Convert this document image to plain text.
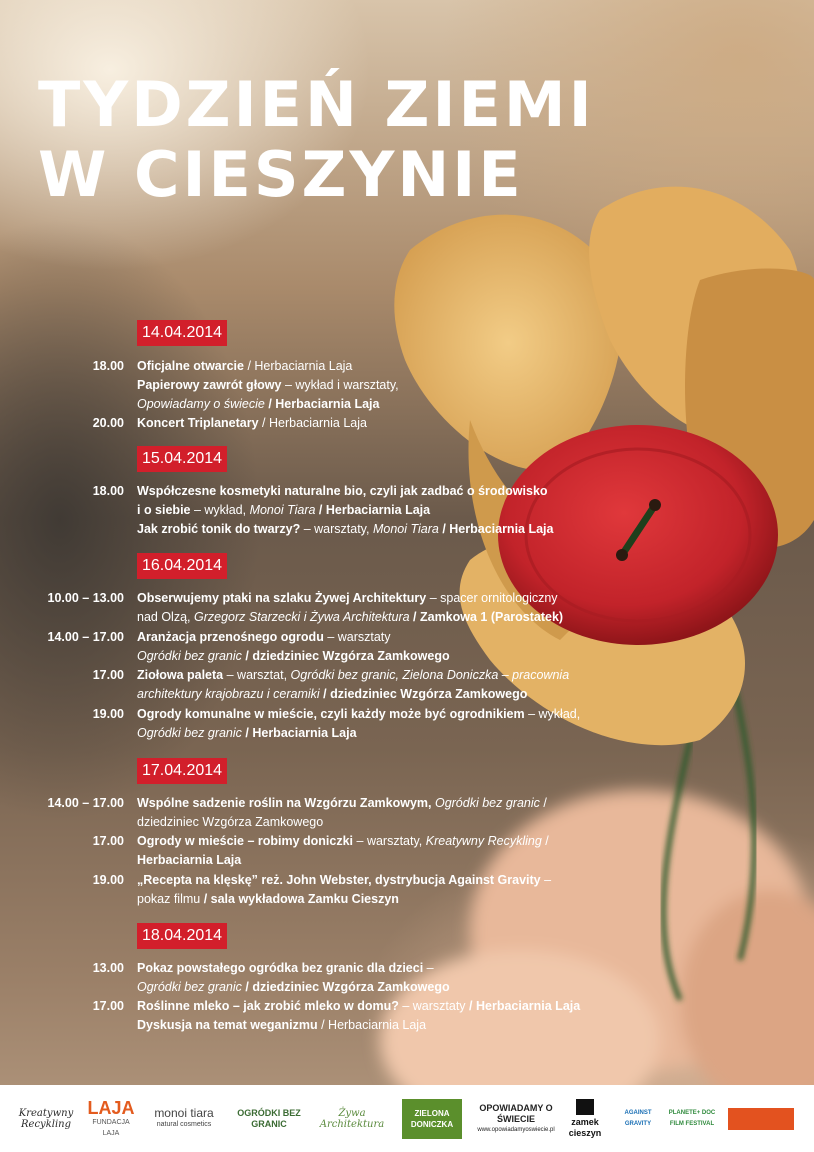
TYDZIEŃ ZIEMI
W CIESZYNIE
14.04.2014
18.00 Oficjalne otwarcie / Herbaciarnia Laja
Papierowy zawrót głowy – wykład i warsztaty,
Opowiadamy o świecie / Herbaciarnia Laja
20.00 Koncert Triplanetary / Herbaciarnia Laja
15.04.2014
18.00 Współczesne kosmetyki naturalne bio, czyli jak zadbać o środowisko
i o siebie – wykład, Monoi Tiara / Herbaciarnia Laja
Jak zrobić tonik do twarzy? – warsztaty, Monoi Tiara / Herbaciarnia Laja
16.04.2014
10.00 – 13.00 Obserwujemy ptaki na szlaku Żywej Architektury – spacer ornitologiczny
nad Olzą, Grzegorz Starzecki i Żywa Architektura / Zamkowa 1 (Parostatek)
14.00 – 17.00 Aranżacja przenośnego ogrodu – warsztaty
Ogródki bez granic / dziedziniec Wzgórza Zamkowego
17.00 Ziołowa paleta – warsztat, Ogródki bez granic, Zielona Doniczka – pracownia
architektury krajobrazu i ceramiki / dziedziniec Wzgórza Zamkowego
19.00 Ogrody komunalne w mieście, czyli każdy może być ogrodnikiem – wykład,
Ogródki bez granic / Herbaciarnia Laja
17.04.2014
14.00 – 17.00 Wspólne sadzenie roślin na Wzgórzu Zamkowym, Ogródki bez granic /
dziedziniec Wzgórza Zamkowego
17.00 Ogrody w mieście – robimy doniczki – warsztaty, Kreatywny Recykling /
Herbaciarnia Laja
19.00 „Recepta na klęskę” reż. John Webster, dystrybucja Against Gravity –
pokaz filmu / sala wykładowa Zamku Cieszyn
18.04.2014
13.00 Pokaz powstałego ogródka bez granic dla dzieci –
Ogródki bez granic / dziedziniec Wzgórza Zamkowego
17.00 Roślinne mleko – jak zrobić mleko w domu? – warsztaty / Herbaciarnia Laja
Dyskusja na temat weganizmu / Herbaciarnia Laja
Kreatywny Recykling
LAJA
FUNDACJA LAJA
monoi tiara
natural cosmetics
OGRÓDKI BEZ GRANIC
Żywa Architektura
ZIELONA DONICZKA
OPOWIADAMY O ŚWIECIE
www.opowiadamyoswiecie.pl
zamek cieszyn
AGAINST GRAVITY
PLANETE+ DOC FILM FESTIVAL
